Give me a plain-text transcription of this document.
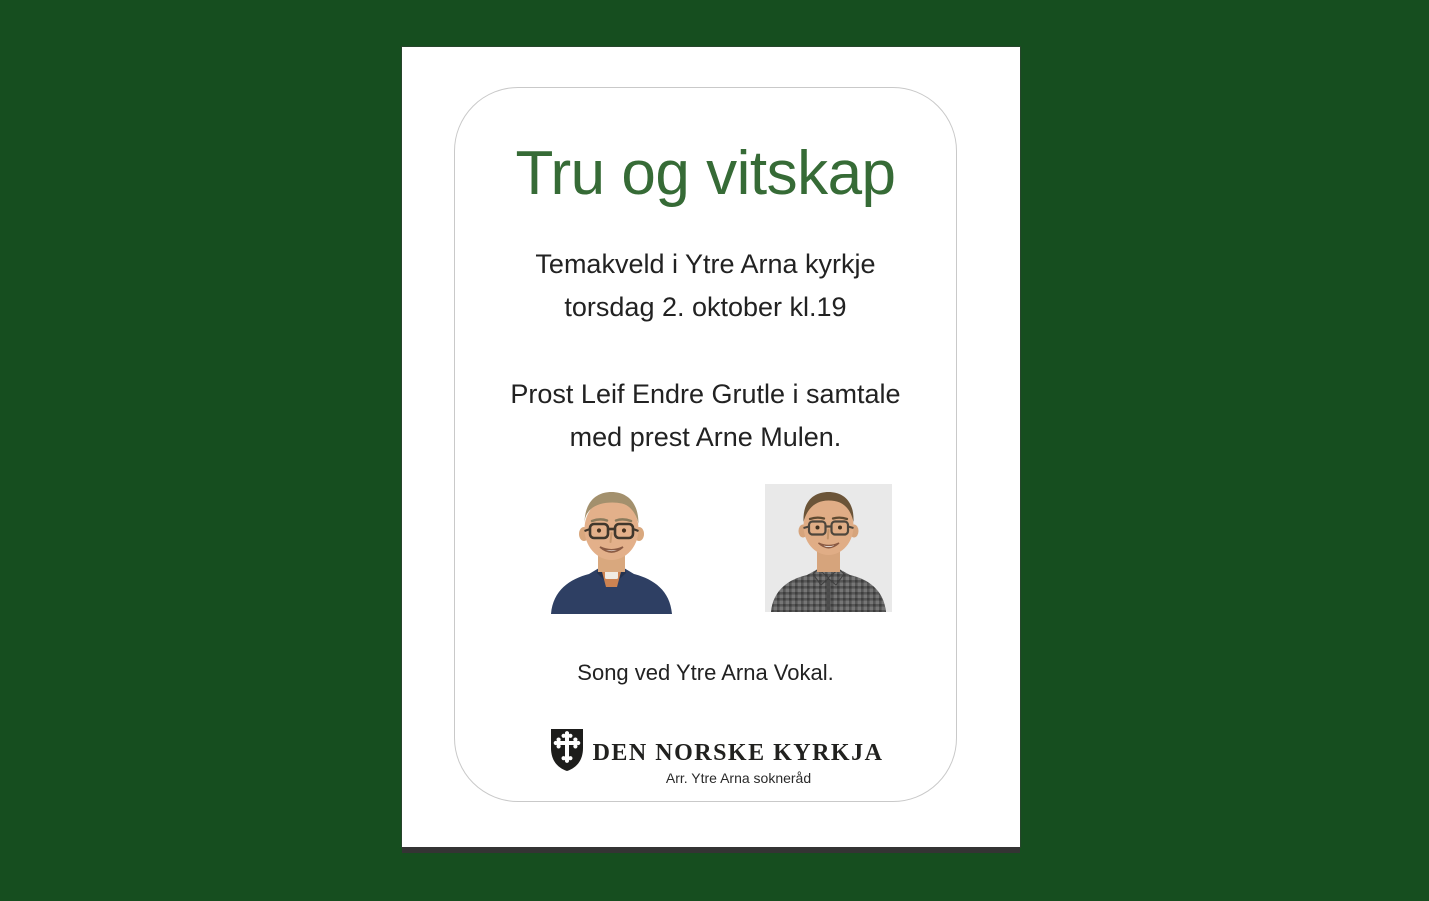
Tru og vitskap
Temakveld i Ytre Arna kyrkje
torsdag 2. oktober kl.19
Prost Leif Endre Grutle i samtale
med prest Arne Mulen.
Song ved Ytre Arna Vokal.
DEN NORSKE KYRKJA
Arr. Ytre Arna sokneråd
